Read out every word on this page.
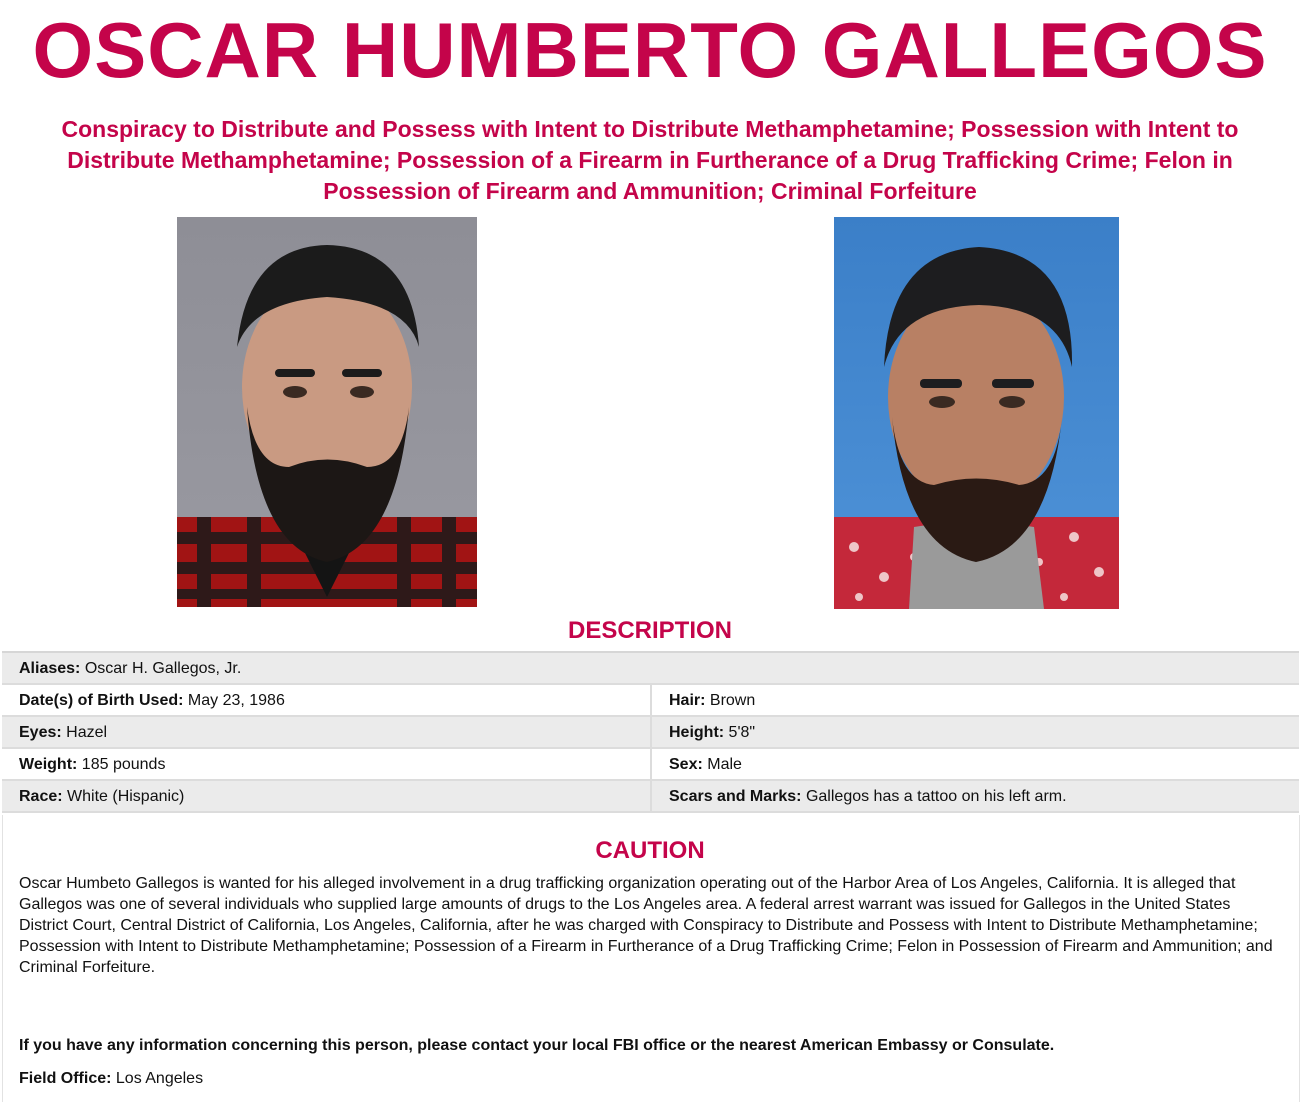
OSCAR HUMBERTO GALLEGOS
Conspiracy to Distribute and Possess with Intent to Distribute Methamphetamine; Possession with Intent to Distribute Methamphetamine; Possession of a Firearm in Furtherance of a Drug Trafficking Crime; Felon in Possession of Firearm and Ammunition; Criminal Forfeiture
DESCRIPTION
Aliases: Oscar H. Gallegos, Jr.
Date(s) of Birth Used: May 23, 1986	Hair: Brown
Eyes: Hazel	Height: 5'8"
Weight: 185 pounds	Sex: Male
Race: White (Hispanic)	Scars and Marks: Gallegos has a tattoo on his left arm.
CAUTION
Oscar Humbeto Gallegos is wanted for his alleged involvement in a drug trafficking organization operating out of the Harbor Area of Los Angeles, California. It is alleged that Gallegos was one of several individuals who supplied large amounts of drugs to the Los Angeles area. A federal arrest warrant was issued for Gallegos in the United States District Court, Central District of California, Los Angeles, California, after he was charged with Conspiracy to Distribute and Possess with Intent to Distribute Methamphetamine; Possession with Intent to Distribute Methamphetamine; Possession of a Firearm in Furtherance of a Drug Trafficking Crime; Felon in Possession of Firearm and Ammunition; and Criminal Forfeiture.
If you have any information concerning this person, please contact your local FBI office or the nearest American Embassy or Consulate.
Field Office: Los Angeles
